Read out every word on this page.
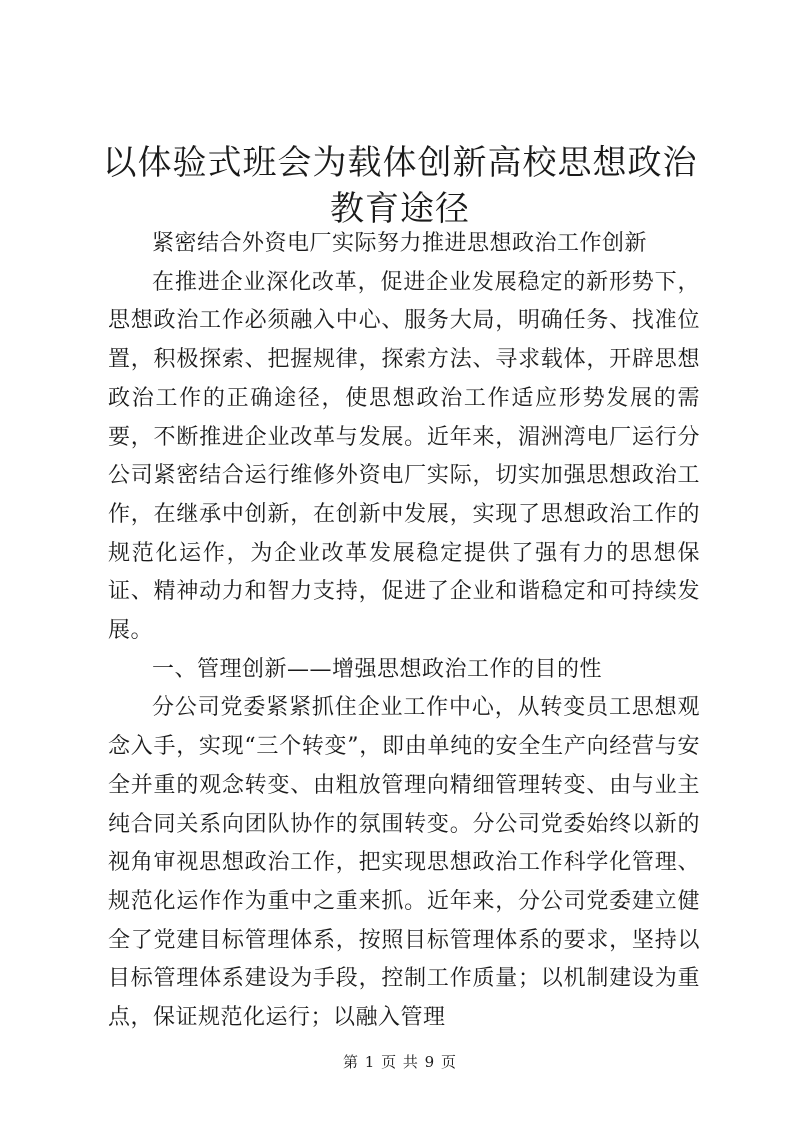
以体验式班会为载体创新高校思想政治教育途径

紧密结合外资电厂实际努力推进思想政治工作创新

在推进企业深化改革，促进企业发展稳定的新形势下，思想政治工作必须融入中心、服务大局，明确任务、找准位置，积极探索、把握规律，探索方法、寻求载体，开辟思想政治工作的正确途径，使思想政治工作适应形势发展的需要，不断推进企业改革与发展。近年来，湄洲湾电厂运行分公司紧密结合运行维修外资电厂实际，切实加强思想政治工作，在继承中创新，在创新中发展，实现了思想政治工作的规范化运作，为企业改革发展稳定提供了强有力的思想保证、精神动力和智力支持，促进了企业和谐稳定和可持续发展。

一、管理创新——增强思想政治工作的目的性

分公司党委紧紧抓住企业工作中心，从转变员工思想观念入手，实现“三个转变”，即由单纯的安全生产向经营与安全并重的观念转变、由粗放管理向精细管理转变、由与业主纯合同关系向团队协作的氛围转变。分公司党委始终以新的视角审视思想政治工作，把实现思想政治工作科学化管理、规范化运作作为重中之重来抓。近年来，分公司党委建立健全了党建目标管理体系，按照目标管理体系的要求，坚持以目标管理体系建设为手段，控制工作质量；以机制建设为重点，保证规范化运行；以融入管理

第 1 页 共 9 页
